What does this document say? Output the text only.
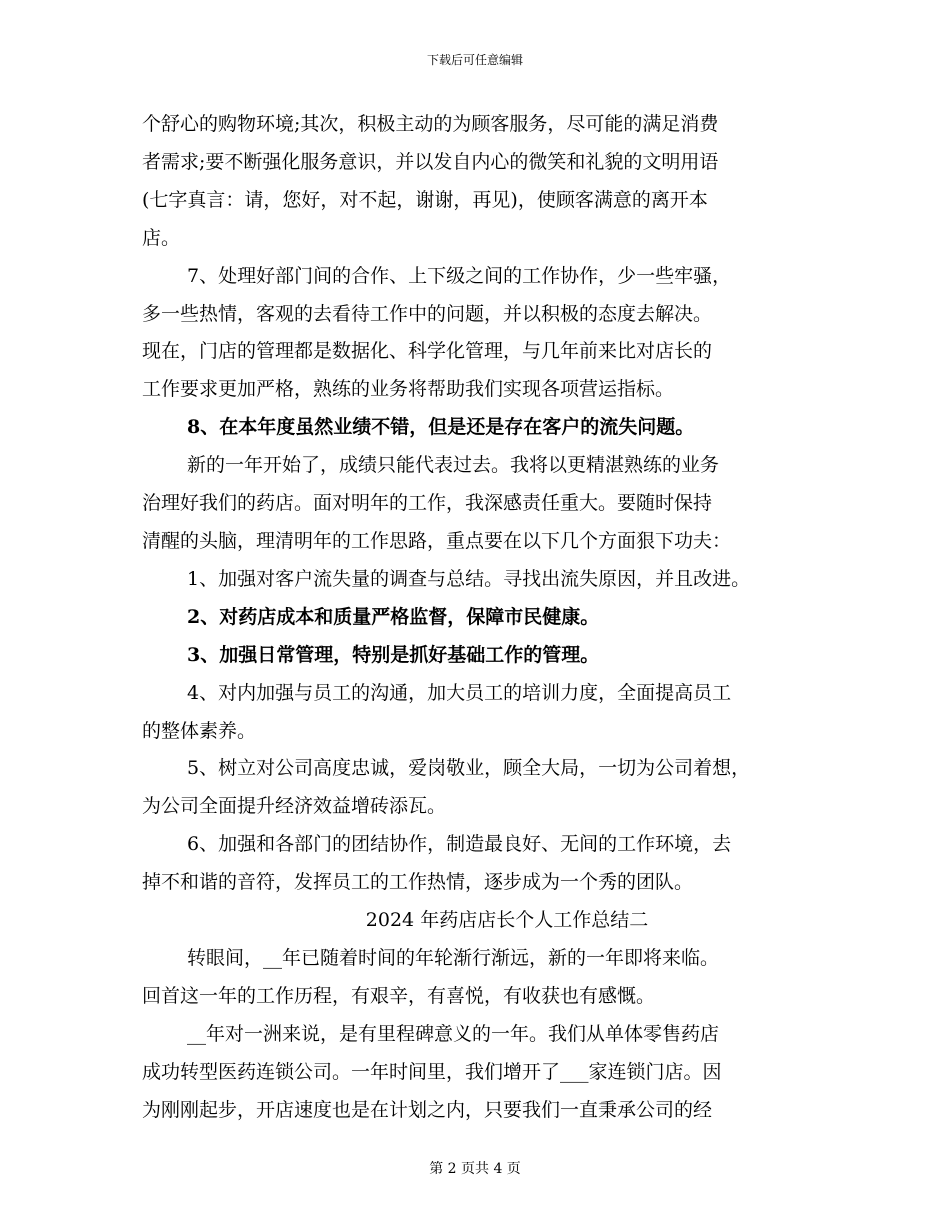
下载后可任意编辑

个舒心的购物环境;其次，积极主动的为顾客服务，尽可能的满足消费

者需求;要不断强化服务意识，并以发自内心的微笑和礼貌的文明用语

(七字真言：请，您好，对不起，谢谢，再见)，使顾客满意的离开本

店。

7、处理好部门间的合作、上下级之间的工作协作，少一些牢骚，

多一些热情，客观的去看待工作中的问题，并以积极的态度去解决。

现在，门店的管理都是数据化、科学化管理，与几年前来比对店长的

工作要求更加严格，熟练的业务将帮助我们实现各项营运指标。

8、在本年度虽然业绩不错，但是还是存在客户的流失问题。

新的一年开始了，成绩只能代表过去。我将以更精湛熟练的业务

治理好我们的药店。面对明年的工作，我深感责任重大。要随时保持

清醒的头脑，理清明年的工作思路，重点要在以下几个方面狠下功夫：

1、加强对客户流失量的调查与总结。寻找出流失原因，并且改进。

2、对药店成本和质量严格监督，保障市民健康。

3、加强日常管理，特别是抓好基础工作的管理。

4、对内加强与员工的沟通，加大员工的培训力度，全面提高员工

的整体素养。

5、树立对公司高度忠诚，爱岗敬业，顾全大局，一切为公司着想，

为公司全面提升经济效益增砖添瓦。

6、加强和各部门的团结协作，制造最良好、无间的工作环境，去

掉不和谐的音符，发挥员工的工作热情，逐步成为一个秀的团队。

2024 年药店店长个人工作总结二

转眼间，__年已随着时间的年轮渐行渐远，新的一年即将来临。

回首这一年的工作历程，有艰辛，有喜悦，有收获也有感慨。

__年对一洲来说，是有里程碑意义的一年。我们从单体零售药店

成功转型医药连锁公司。一年时间里，我们增开了___家连锁门店。因

为刚刚起步，开店速度也是在计划之内，只要我们一直秉承公司的经

第 2 页共 4 页
